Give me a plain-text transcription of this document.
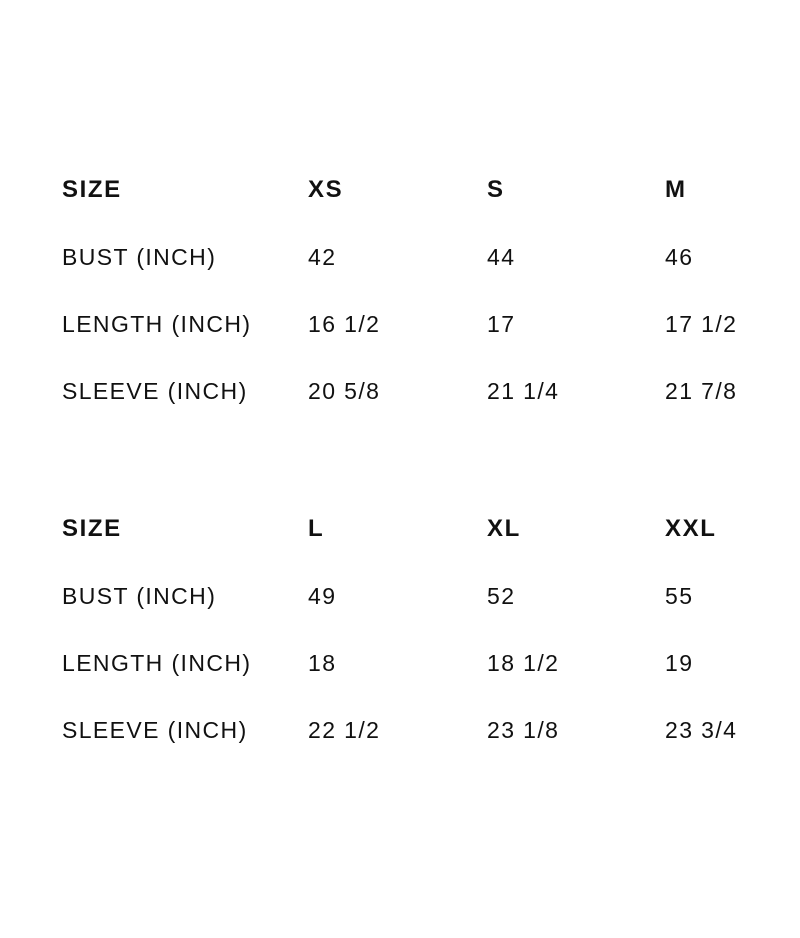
SIZE	XS	S	M
BUST (INCH)	42	44	46
LENGTH (INCH)	16 1/2	17	17 1/2
SLEEVE (INCH)	20 5/8	21 1/4	21 7/8
SIZE	L	XL	XXL
BUST (INCH)	49	52	55
LENGTH (INCH)	18	18 1/2	19
SLEEVE (INCH)	22 1/2	23 1/8	23 3/4
